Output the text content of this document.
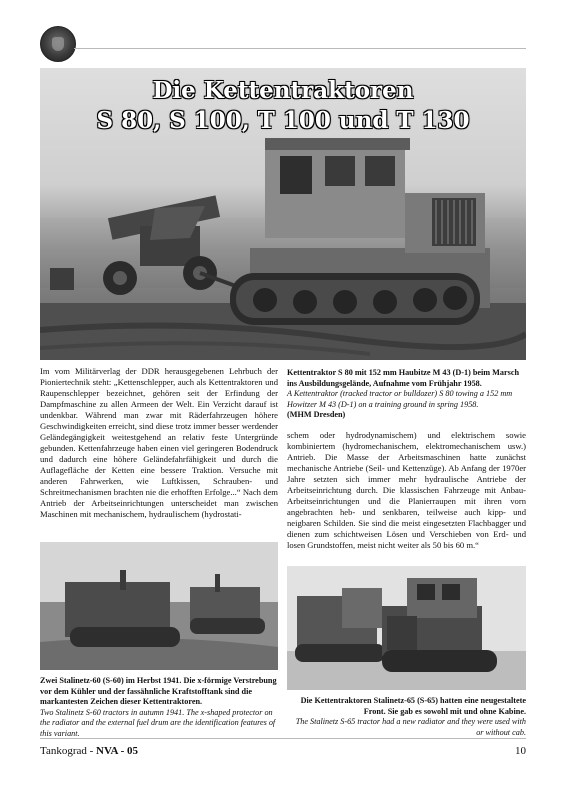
Die Kettentraktoren
S 80, S 100, T 100 und T 130

Im vom Militärverlag der DDR herausgegebenen Lehrbuch der Pioniertechnik steht: „Kettenschlepper, auch als Kettentraktoren und Raupenschlepper bezeichnet, gehören seit der Erfindung der Dampfmaschine zu allen Armeen der Welt. Ein Verzicht darauf ist undenkbar. Während man zwar mit Räderfahrzeugen höhere Geschwindigkeiten erreicht, sind diese trotz immer besser werdender Geländegängigkeit weitestgehend an relativ feste Untergründe gebunden. Kettenfahrzeuge haben einen viel geringeren Bodendruck und dadurch eine höhere Geländefahrfähigkeit und durch die Auflagefläche der Ketten eine bessere Traktion. Versuche mit anderen Fahrwerken, wie Luftkissen, Schrauben- und Schreitmechanismen brachten nie die erhofften Erfolge...“ Nach dem Antrieb der Arbeitseinrichtungen unterscheidet man zwischen Maschinen mit mechanischem, hydraulischem (hydrostati-

Kettentraktor S 80 mit 152 mm Haubitze M 43 (D-1) beim Marsch ins Ausbildungsgelände, Aufnahme vom Frühjahr 1958.
A Kettentraktor (tracked tractor or bulldozer) S 80 towing a 152 mm Howitzer M 43 (D-1) on a training ground in spring 1958.
(MHM Dresden)

schem oder hydrodynamischem) und elektrischem sowie kombiniertem (hydromechanischem, elektromechanischem usw.) Antrieb. Die Masse der Arbeitsmaschinen hatte zunächst mechanische Antriebe (Seil- und Kettenzüge). Ab Anfang der 1970er Jahre setzten sich immer mehr hydraulische Antriebe der Arbeitseinrichtung durch. Die klassischen Fahrzeuge mit Anbau-Arbeitseinrichtungen und die Planierraupen mit ihren vorn angebrachten heb- und senkbaren, teilweise auch kipp- und neigbaren Schilden. Sie sind die meist eingesetzten Flachbagger und dienen zum schichtweisen Lösen und Verschieben von Erd- und losen Grundstoffen, meist nicht weiter als 50 bis 60 m.“

Zwei Stalinetz-60 (S-60) im Herbst 1941. Die x-förmige Verstrebung vor dem Kühler und der fassähnliche Kraftstofftank sind die markantesten Zeichen dieser Kettentraktoren.
Two Stalinetz S-60 tractors in autumn 1941. The x-shaped protector on the radiator and the external fuel drum are the identification features of this variant.
Die Kettentraktoren Stalinetz-65 (S-65) hatten eine neugestaltete Front. Sie gab es sowohl mit und ohne Kabine.
The Stalinetz S-65 tractor had a new radiator and they were used with or without cab.
Tankograd - NVA - 05	10
